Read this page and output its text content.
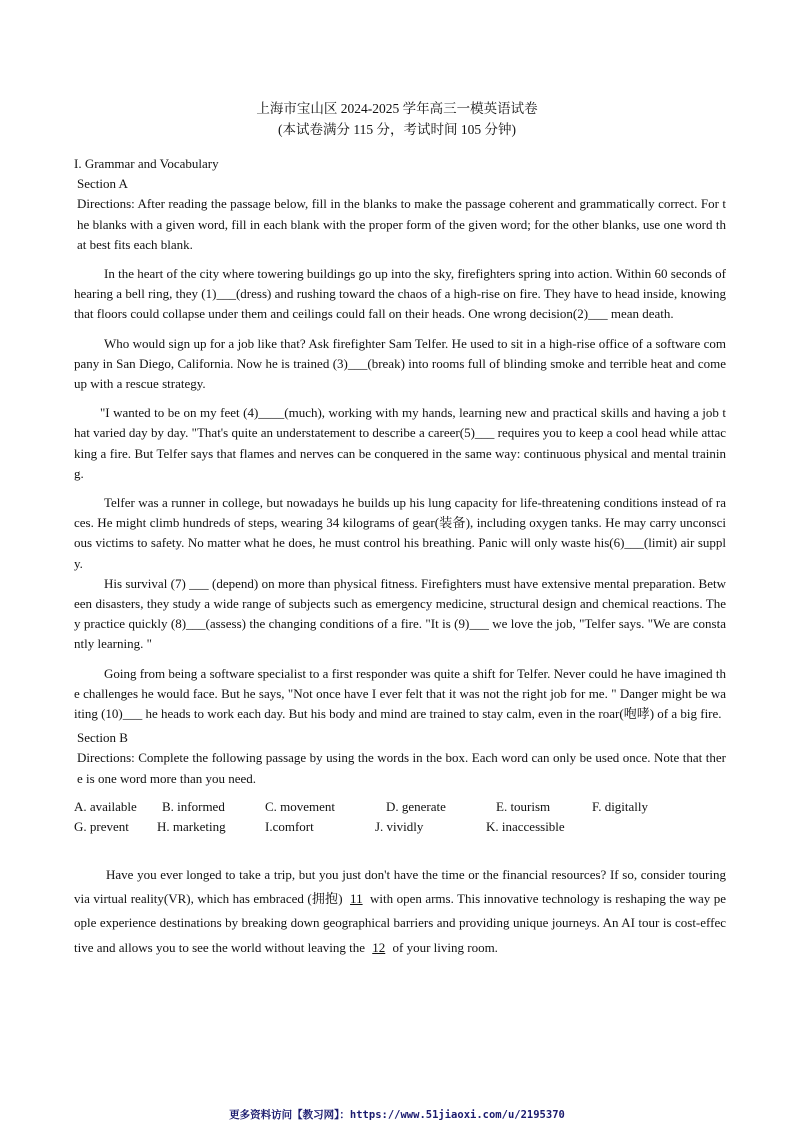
上海市宝山区 2024-2025 学年高三一模英语试卷
(本试卷满分 115 分，考试时间 105 分钟)

I. Grammar and Vocabulary

Section A

Directions: After reading the passage below, fill in the blanks to make the passage coherent and grammatically correct. For the blanks with a given word, fill in each blank with the proper form of the given word; for the other blanks, use one word that best fits each blank.

In the heart of the city where towering buildings go up into the sky, firefighters spring into action. Within 60 seconds of hearing a bell ring, they (1)___(dress) and rushing toward the chaos of a high-rise on fire. They have to head inside, knowing that floors could collapse under them and ceilings could fall on their heads. One wrong decision(2)___ mean death.

Who would sign up for a job like that? Ask firefighter Sam Telfer. He used to sit in a high-rise office of a software company in San Diego, California. Now he is trained (3)___(break) into rooms full of blinding smoke and terrible heat and come up with a rescue strategy.

"I wanted to be on my feet (4)____(much), working with my hands, learning new and practical skills and having a job that varied day by day. "That's quite an understatement to describe a career(5)___ requires you to keep a cool head while attacking a fire. But Telfer says that flames and nerves can be conquered in the same way: continuous physical and mental training.

Telfer was a runner in college, but nowadays he builds up his lung capacity for life-threatening conditions instead of races. He might climb hundreds of steps, wearing 34 kilograms of gear(装备), including oxygen tanks. He may carry unconscious victims to safety. No matter what he does, he must control his breathing. Panic will only waste his(6)___(limit) air supply.

His survival (7) ___ (depend) on more than physical fitness. Firefighters must have extensive mental preparation. Between disasters, they study a wide range of subjects such as emergency medicine, structural design and chemical reactions. They practice quickly (8)___(assess) the changing conditions of a fire. "It is (9)___ we love the job, "Telfer says. "We are constantly learning. "

Going from being a software specialist to a first responder was quite a shift for Telfer. Never could he have imagined the challenges he would face. But he says, "Not once have I ever felt that it was not the right job for me. " Danger might be waiting (10)___ he heads to work each day. But his body and mind are trained to stay calm, even in the roar(咆哮) of a big fire.

Section B

Directions: Complete the following passage by using the words in the box. Each word can only be used once. Note that there is one word more than you need.

A. available B. informed	C. movement	D. generate	E. tourism	F. digitally
G. prevent H. marketing	I.comfort	J. vividly	K. inaccessible

Have you ever longed to take a trip, but you just don't have the time or the financial resources? If so, consider touring via virtual reality(VR), which has embraced (拥抱) 11 with open arms. This innovative technology is reshaping the way people experience destinations by breaking down geographical barriers and providing unique journeys. An AI tour is cost-effective and allows you to see the world without leaving the 12 of your living room.

更多资料访问【教习网】：https://www.51jiaoxi.com/u/2195370
